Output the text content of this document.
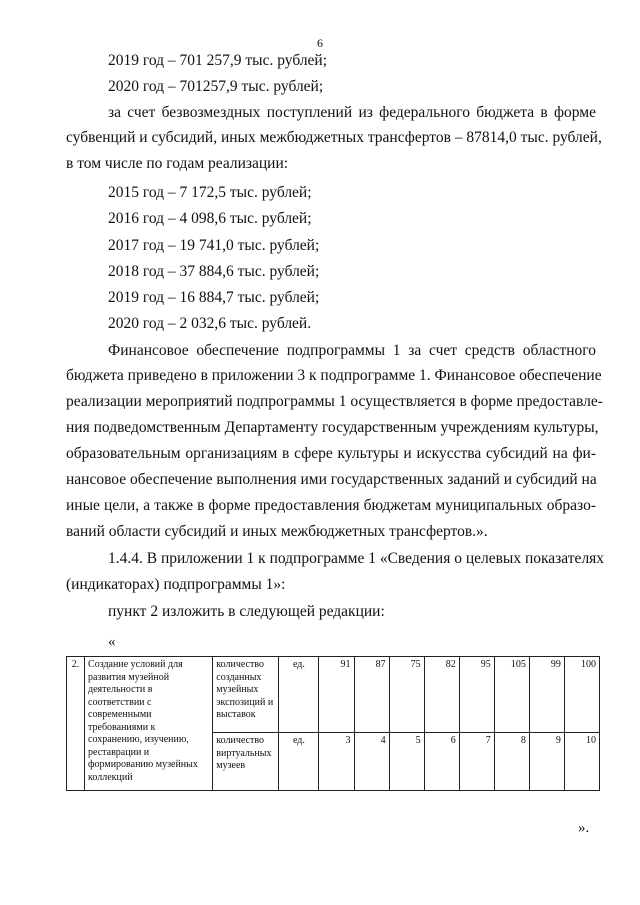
6
2019 год – 701 257,9 тыс. рублей;
2020 год – 701257,9 тыс. рублей;
за счет безвозмездных поступлений из федерального бюджета в форме
субвенций и субсидий, иных межбюджетных трансфертов – 87814,0 тыс. рублей,
в том числе по годам реализации:
2015 год – 7 172,5 тыс. рублей;
2016 год – 4 098,6 тыс. рублей;
2017 год – 19 741,0 тыс. рублей;
2018 год – 37 884,6 тыс. рублей;
2019 год – 16 884,7 тыс. рублей;
2020 год – 2 032,6 тыс. рублей.
Финансовое обеспечение подпрограммы 1 за счет средств областного
бюджета приведено в приложении 3 к подпрограмме 1. Финансовое обеспечение
реализации мероприятий подпрограммы 1 осуществляется в форме предоставле-
ния подведомственным Департаменту государственным учреждениям культуры,
образовательным организациям в сфере культуры и искусства субсидий на фи-
нансовое обеспечение выполнения ими государственных заданий и субсидий на
иные цели, а также в форме предоставления бюджетам муниципальных образо-
ваний области субсидий и иных межбюджетных трансфертов.».
1.4.4. В приложении 1 к подпрограмме 1 «Сведения о целевых показателях
(индикаторах) подпрограммы 1»:
пункт 2 изложить в следующей редакции:
«
2.	Создание условий для развития музейной деятельности в соответствии с современными требованиями к сохранению, изучению, реставрации и формированию музейных коллекций	количество созданных музейных экспозиций и выставок	ед.	91	87	75	82	95	105	99	100
		количество виртуальных музеев	ед.	3	4	5	6	7	8	9	10
».
